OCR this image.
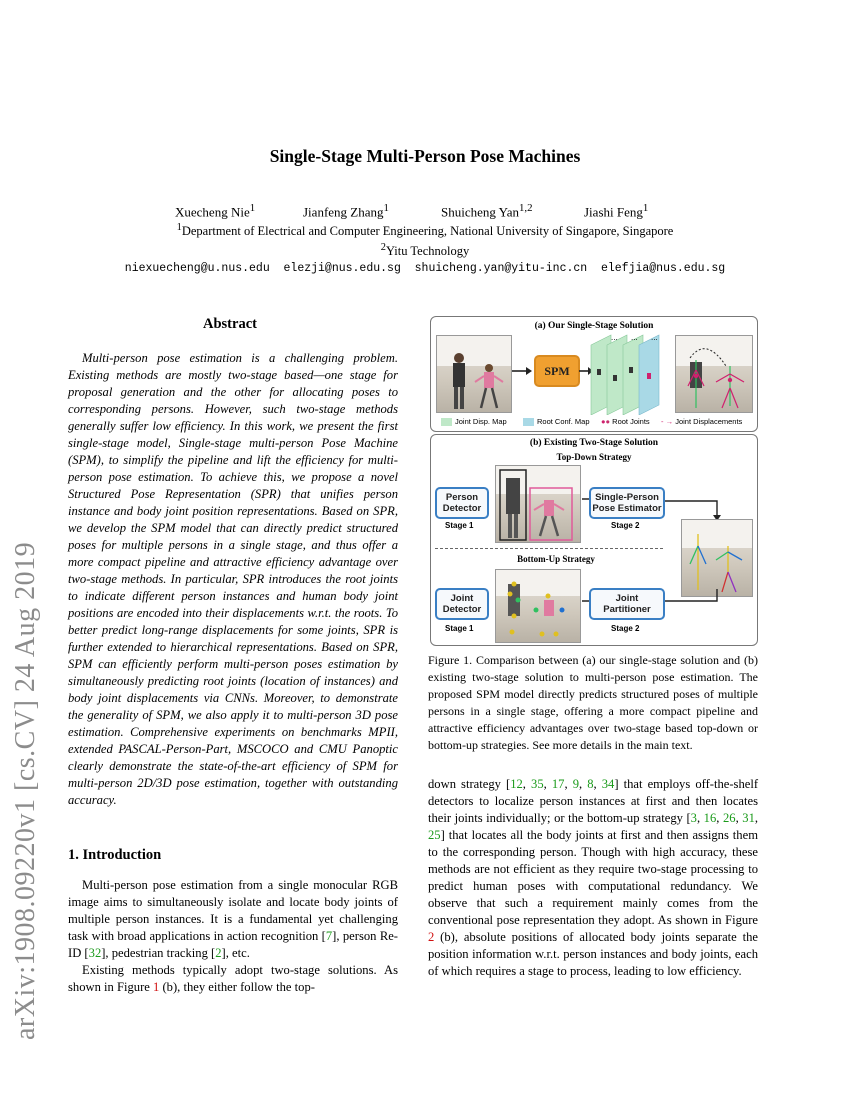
arXiv:1908.09220v1 [cs.CV] 24 Aug 2019
Single-Stage Multi-Person Pose Machines
Xuecheng Nie$^1$	Jianfeng Zhang$^1$	Shuicheng Yan$^{1,2}$	Jiashi Feng$^1$
$^1$Department of Electrical and Computer Engineering, National University of Singapore, Singapore
$^2$Yitu Technology
niexuecheng@u.nus.edu  elezji@nus.edu.sg  shuicheng.yan@yitu-inc.cn  elefjia@nus.edu.sg
Abstract

Multi-person pose estimation is a challenging problem. Existing methods are mostly two-stage based—one stage for proposal generation and the other for allocating poses to corresponding persons. However, such two-stage methods generally suffer low efficiency. In this work, we present the first single-stage model, Single-stage multi-person Pose Machine (SPM), to simplify the pipeline and lift the efficiency for multi-person pose estimation. To achieve this, we propose a novel Structured Pose Representation (SPR) that unifies person instance and body joint position representations. Based on SPR, we develop the SPM model that can directly predict structured poses for multiple persons in a single stage, and thus offer a more compact pipeline and attractive efficiency advantage over two-stage methods. In particular, SPR introduces the root joints to indicate different person instances and human body joint positions are encoded into their displacements w.r.t. the roots. To better predict long-range displacements for some joints, SPR is further extended to hierarchical representations. Based on SPR, SPM can efficiently perform multi-person poses estimation by simultaneously predicting root joints (location of instances) and body joint displacements via CNNs. Moreover, to demonstrate the generality of SPM, we also apply it to multi-person 3D pose estimation. Comprehensive experiments on benchmarks MPII, extended PASCAL-Person-Part, MSCOCO and CMU Panoptic clearly demonstrate the state-of-the-art efficiency of SPM for multi-person 2D/3D pose estimation, together with outstanding accuracy.

1. Introduction

Multi-person pose estimation from a single monocular RGB image aims to simultaneously isolate and locate body joints of multiple person instances. It is a fundamental yet challenging task with broad applications in action recognition [7], person Re-ID [32], pedestrian tracking [2], etc.

Existing methods typically adopt two-stage solutions. As shown in Figure 1 (b), they either follow the top-

(a) Our Single-Stage Solution
SPM
... ... ...
Joint Disp. Map	Root Conf. Map ●● Root Joints - → Joint Displacements
(b) Existing Two-Stage Solution
Top-Down Strategy
Person Detector
Stage 1
Single-Person Pose Estimator
Stage 2
Bottom-Up Strategy
Joint Detector
Stage 1
Joint Partitioner
Stage 2
Figure 1. Comparison between (a) our single-stage solution and (b) existing two-stage solution to multi-person pose estimation. The proposed SPM model directly predicts structured poses of multiple persons in a single stage, offering a more compact pipeline and attractive efficiency advantages over two-stage based top-down or bottom-up strategies. See more details in the main text.

down strategy [12, 35, 17, 9, 8, 34] that employs off-the-shelf detectors to localize person instances at first and then locates their joints individually; or the bottom-up strategy [3, 16, 26, 31, 25] that locates all the body joints at first and then assigns them to the corresponding person. Though with high accuracy, these methods are not efficient as they require two-stage processing to predict human poses with computational redundancy. We observe that such a requirement mainly comes from the conventional pose representation they adopt. As shown in Figure 2 (b), absolute positions of allocated body joints separate the position information w.r.t. person instances and body joints, each of which requires a stage to process, leading to low efficiency.
